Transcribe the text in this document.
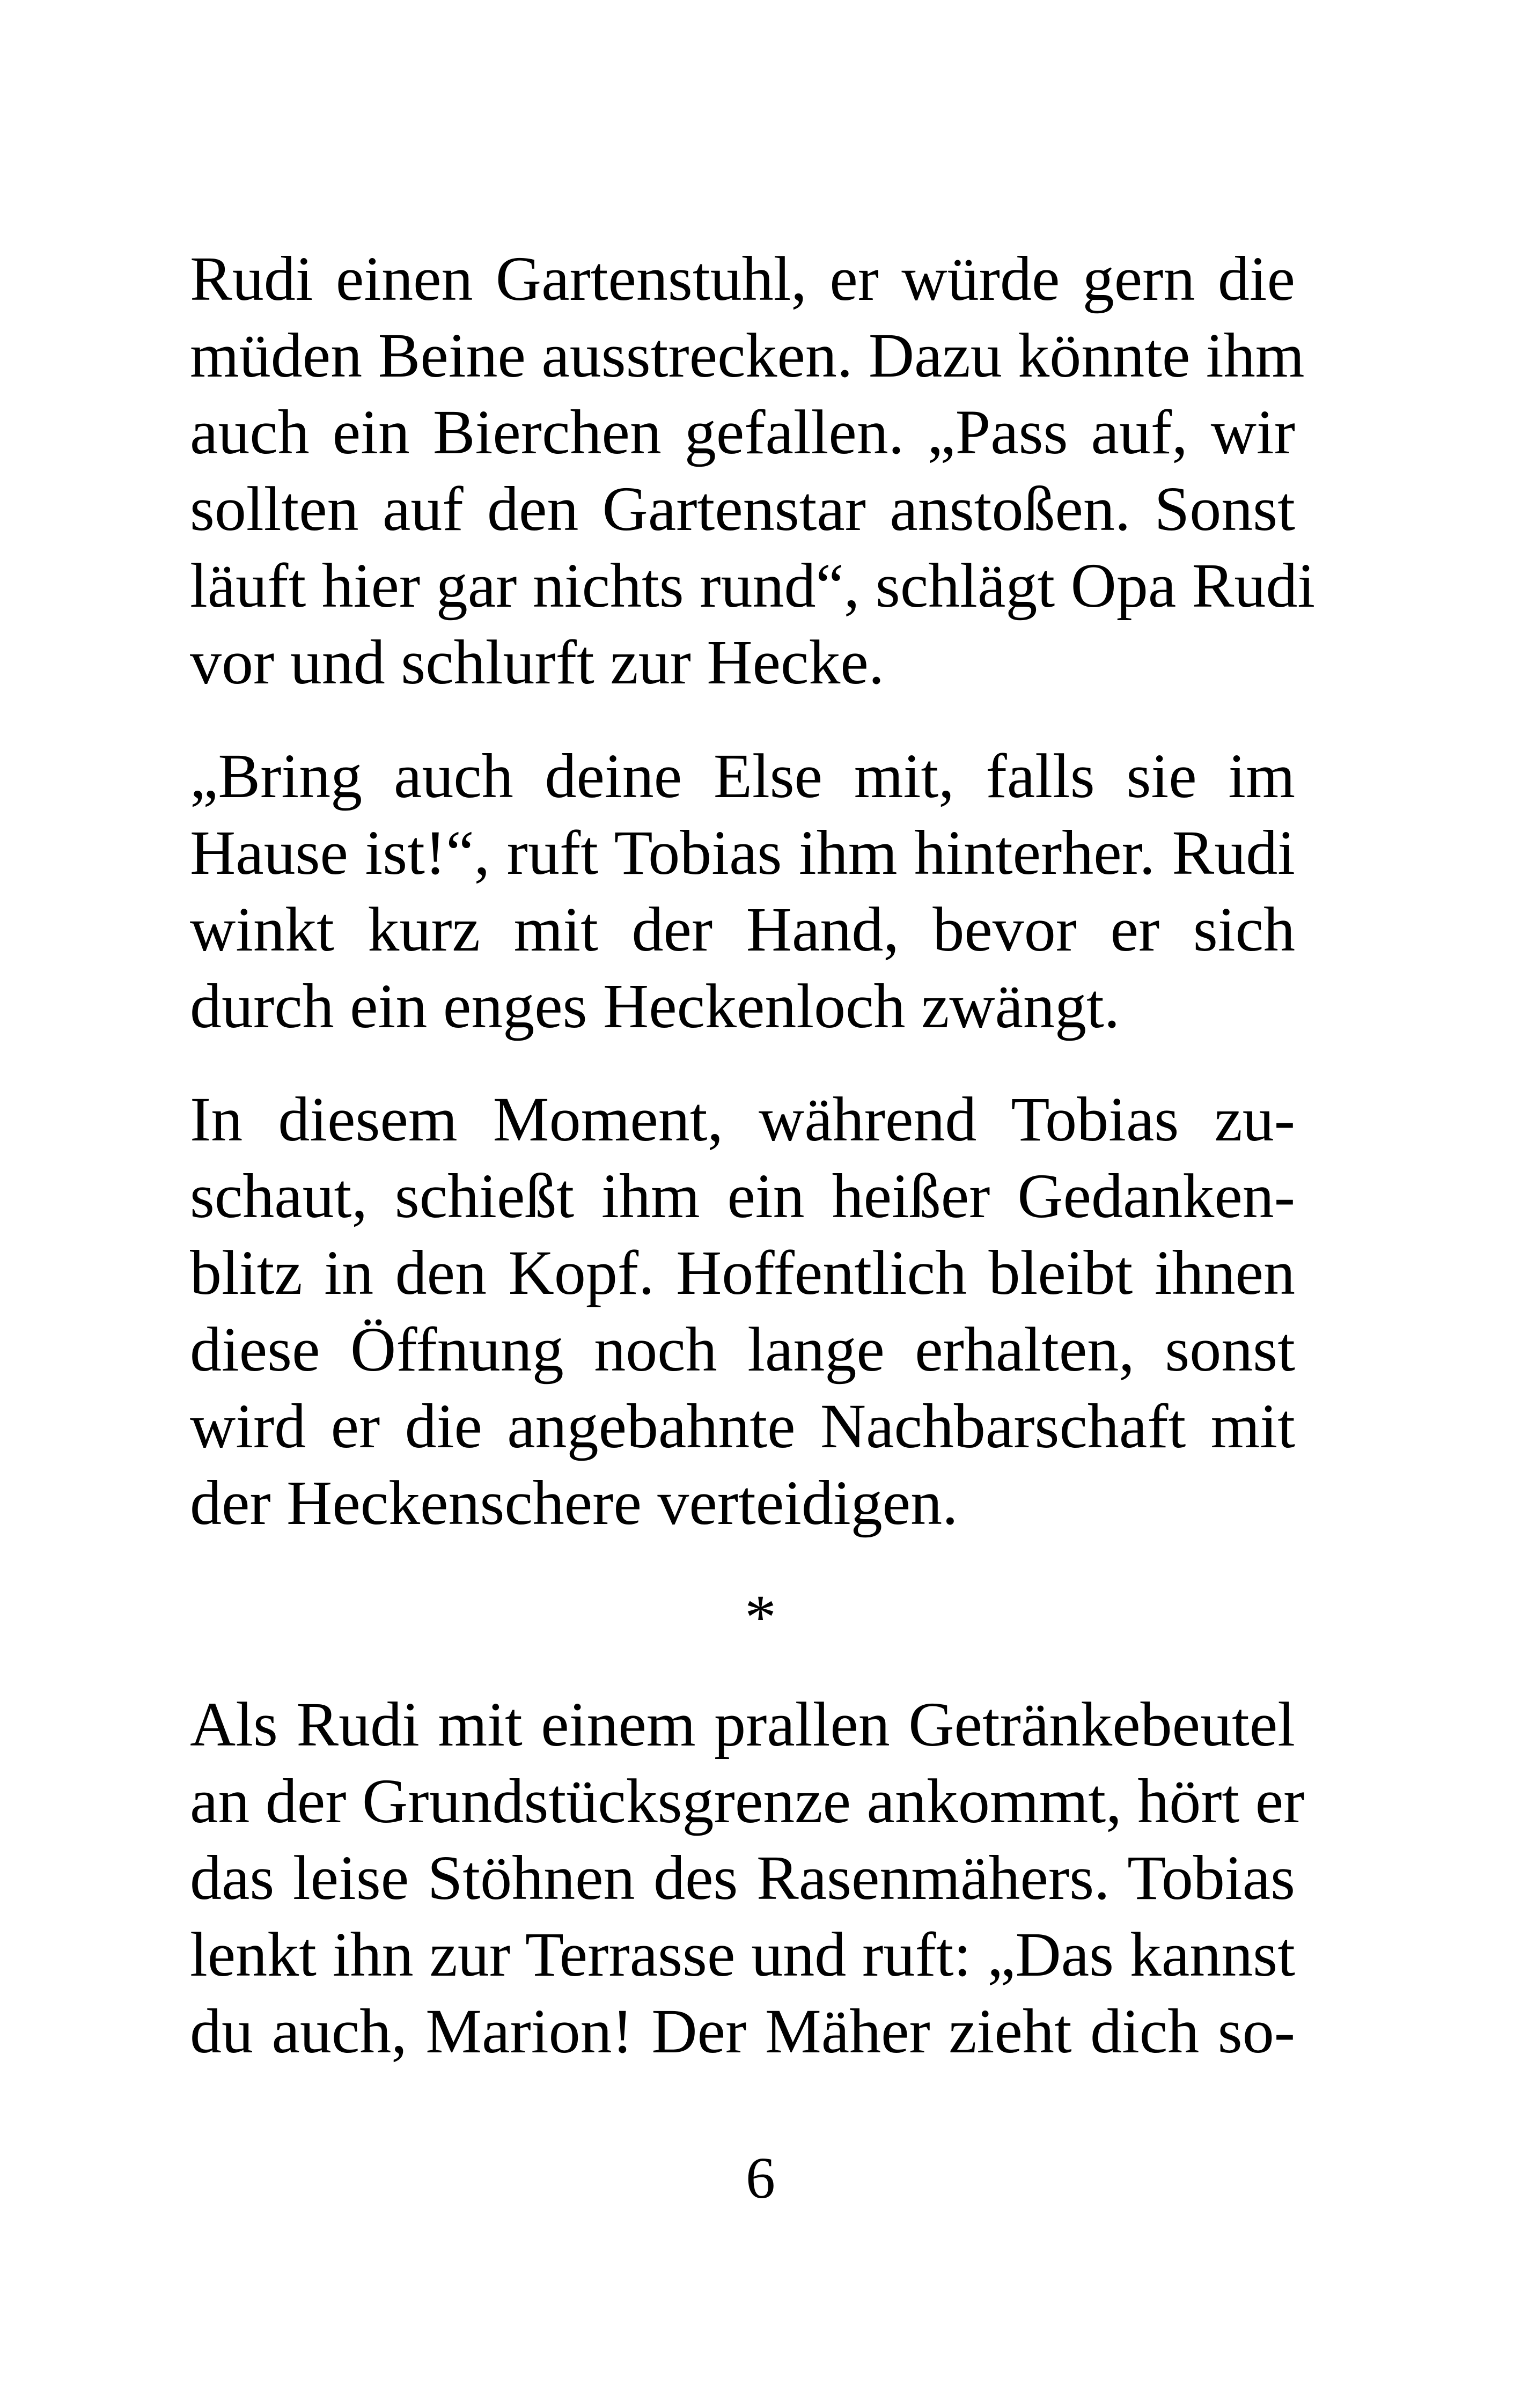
Rudi einen Gartenstuhl, er würde gern die
müden Beine ausstrecken. Dazu könnte ihm
auch ein Bierchen gefallen. „Pass auf, wir
sollten auf den Gartenstar anstoßen. Sonst
läuft hier gar nichts rund“, schlägt Opa Rudi
vor und schlurft zur Hecke.
„Bring auch deine Else mit, falls sie im
Hause ist!“, ruft Tobias ihm hinterher. Rudi
winkt kurz mit der Hand, bevor er sich
durch ein enges Heckenloch zwängt.
In diesem Moment, während Tobias zu-
schaut, schießt ihm ein heißer Gedanken-
blitz in den Kopf. Hoffentlich bleibt ihnen
diese Öffnung noch lange erhalten, sonst
wird er die angebahnte Nachbarschaft mit
der Heckenschere verteidigen.
*
Als Rudi mit einem prallen Getränkebeutel
an der Grundstücksgrenze ankommt, hört er
das leise Stöhnen des Rasenmähers. Tobias
lenkt ihn zur Terrasse und ruft: „Das kannst
du auch, Marion! Der Mäher zieht dich so-
6
